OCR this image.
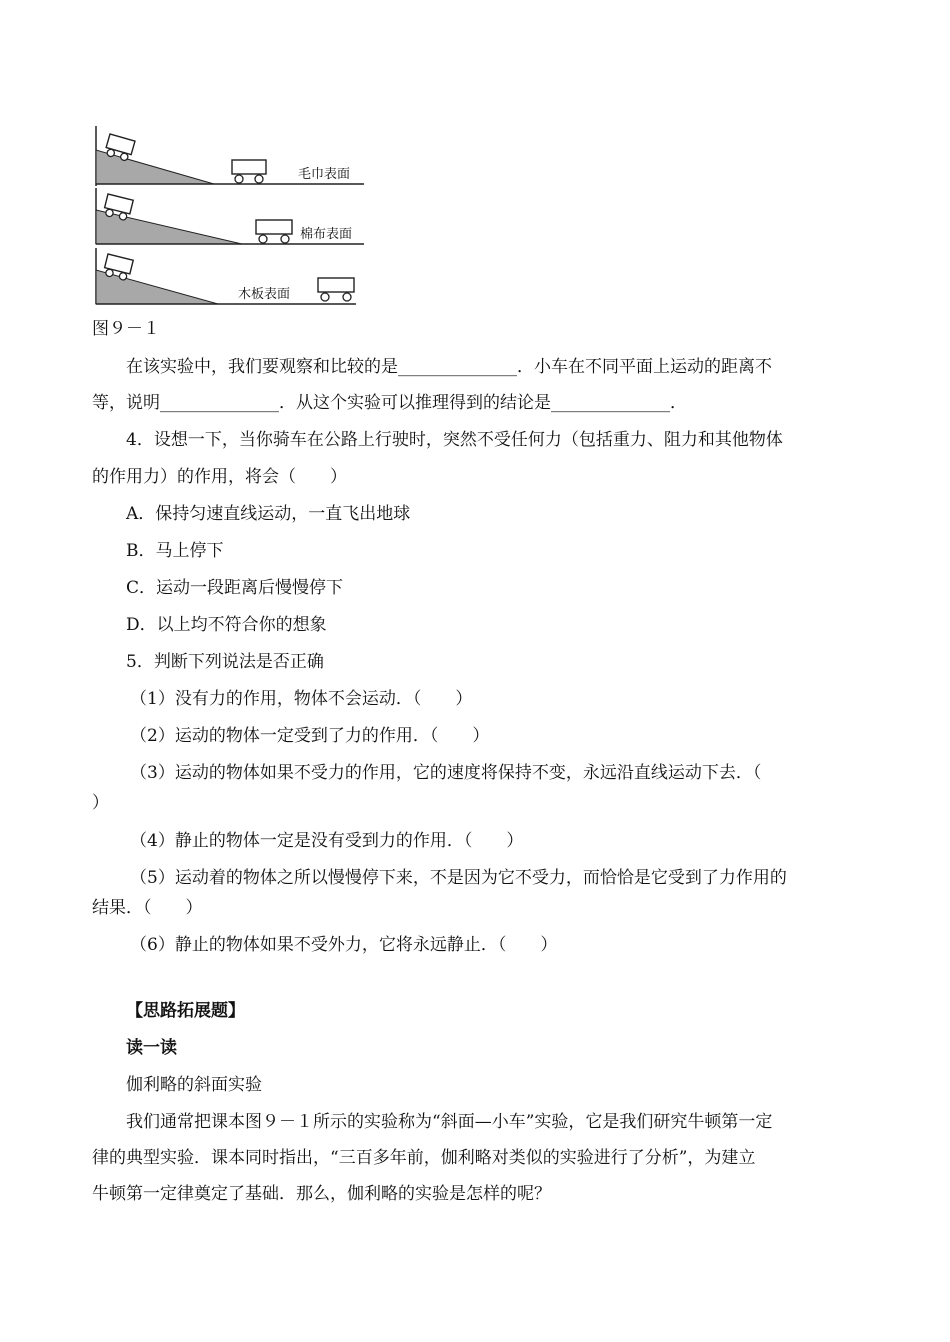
毛巾表面
棉布表面
木板表面
图９－１
在该实验中，我们要观察和比较的是______________．小车在不同平面上运动的距离不
等，说明______________．从这个实验可以推理得到的结论是______________．
4．设想一下，当你骑车在公路上行驶时，突然不受任何力（包括重力、阻力和其他物体
的作用力）的作用，将会（　　）
A．保持匀速直线运动，一直飞出地球
B．马上停下
C．运动一段距离后慢慢停下
D．以上均不符合你的想象
5．判断下列说法是否正确
（1）没有力的作用，物体不会运动．（　　）
（2）运动的物体一定受到了力的作用．（　　）
（3）运动的物体如果不受力的作用，它的速度将保持不变，永远沿直线运动下去．（
）
（4）静止的物体一定是没有受到力的作用．（　　）
（5）运动着的物体之所以慢慢停下来，不是因为它不受力，而恰恰是它受到了力作用的
结果．（　　）
（6）静止的物体如果不受外力，它将永远静止．（　　）
【思路拓展题】
读一读
伽利略的斜面实验
我们通常把课本图９－１所示的实验称为“斜面—小车”实验，它是我们研究牛顿第一定
律的典型实验．课本同时指出，“三百多年前，伽利略对类似的实验进行了分析”，为建立
牛顿第一定律奠定了基础．那么，伽利略的实验是怎样的呢？
